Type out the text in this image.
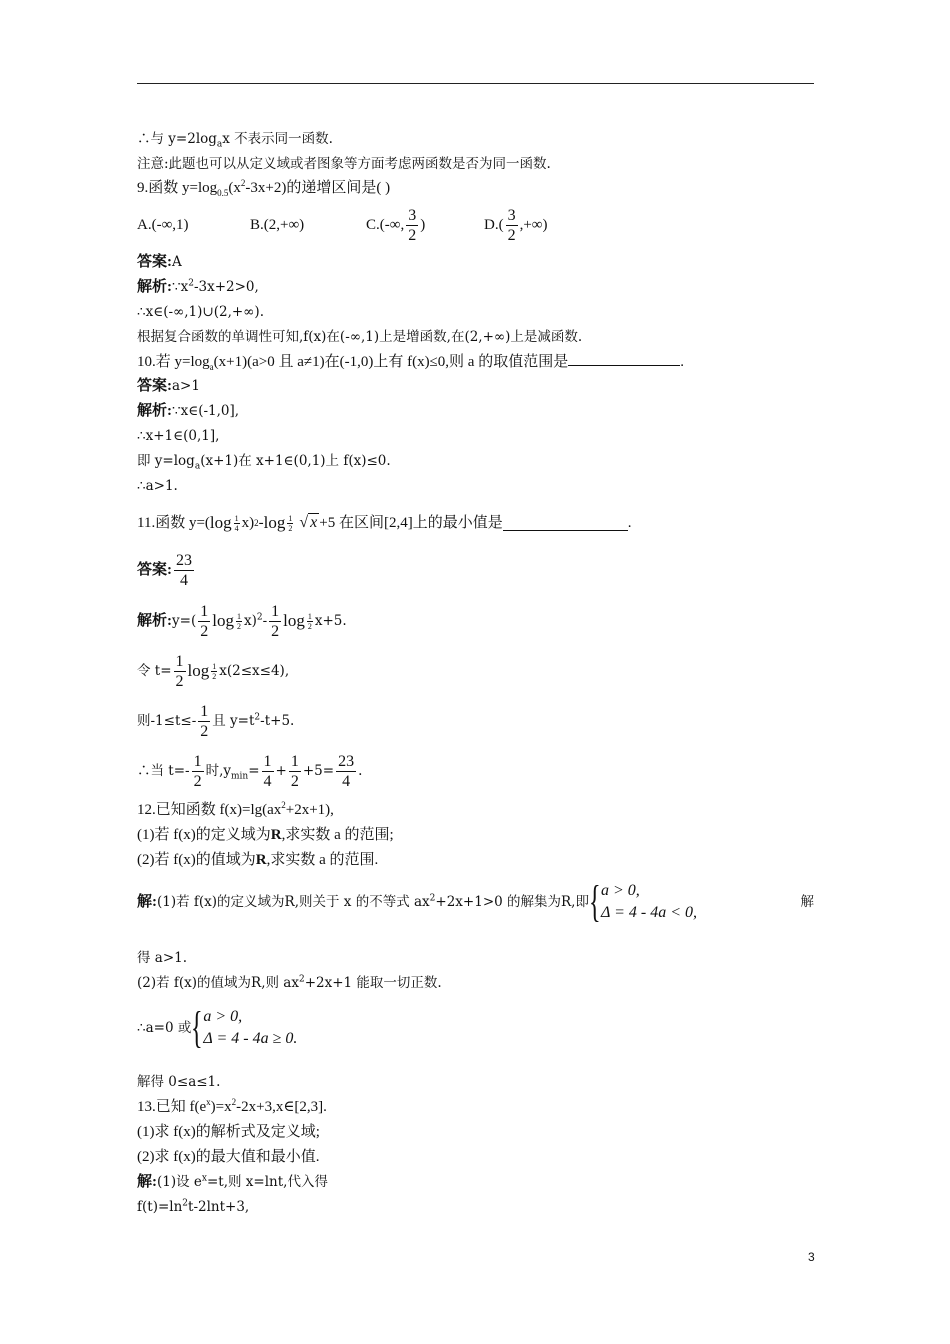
∴与 $y=2\log_ax$ 不表示同一函数.
注意:此题也可以从定义域或者图象等方面考虑两函数是否为同一函数.
9.函数 $y=\log_{0.5}(x^2-3x+2)$的递增区间是( )
A.(-∞,1)	B.(2,+∞)	C.(-∞, $\frac{3}{2}$ )	$D.( \frac{3}{2}$ ,+∞)
答案:A
解析$:\because x^2-3x+2>0$,
∴x∈(-∞,1)∪(2,+∞).
根据复合函数的单调性可知,f(x)在(-∞,1)上是增函数,在(2,+∞)上是减函数.
10.若 $y=\log_a(x+1)(a>0$ 且 a≠1)在(-1,0)上有 f(x)≤0,则 a 的取值范围是	.
答案:a>1
解析:∵x∈(-1,0],
∴x+1∈(0,1],
即 $y=\log_a(x+1)$在 x+1∈(0,1)上 f(x)≤0.
∴a>1.
11.函数 y=( $\log \frac{1}{4} x$) $2 - \log \frac{1}{2}$ √ x +5 在区间[2,4]上的最小值是	.
答案: $\frac{23}{4}$
解析: $y=( \frac{1}{2}$ $\log \frac{1}{2} x)^2- \frac{1}{2}$ $\log \frac{1}{2} x+5$.
令 $t= \frac{1}{2}$ $\log \frac{1}{2} x(2\le x\le 4)$,
则$-1\le t\le- \frac{1}{2}$ 且 $y=t^2-t+5$.
∴当 $t=- \frac{1}{2}$ 时$,y_{min}= \frac{1}{4} + \frac{1}{2} +5= \frac{23}{4}$ .
12.已知函数 $f(x)=\lg(ax^2+2x+1)$,
(1)若 f(x)的定义域为R,求实数 a 的范围;
(2)若 f(x)的值域为R,求实数 a 的范围.
解: (1)若 f(x)的定义域为R,则关于 x 的不等式 $ax^2+2x+1>0$ 的解集为R,即 { a > 0,
Δ = 4 - 4a < 0,
解
得 a>1.
(2)若 f(x)的值域为R,则 $ax^2+2x+1$ 能取一切正数.
∴a=0 或 { a > 0,
Δ = 4 - 4a ≥ 0.
解得 0≤a≤1.
13.已知 $f(e^x)=x^2-2x+3,x\in[2,3]$.
(1)求 f(x)的解析式及定义域;
(2)求 f(x)的最大值和最小值.
解:(1)设 $e^x=t$,则 x=lnt,代入得
$f(t)=\ln^2t-2\ln t+3$,
3
